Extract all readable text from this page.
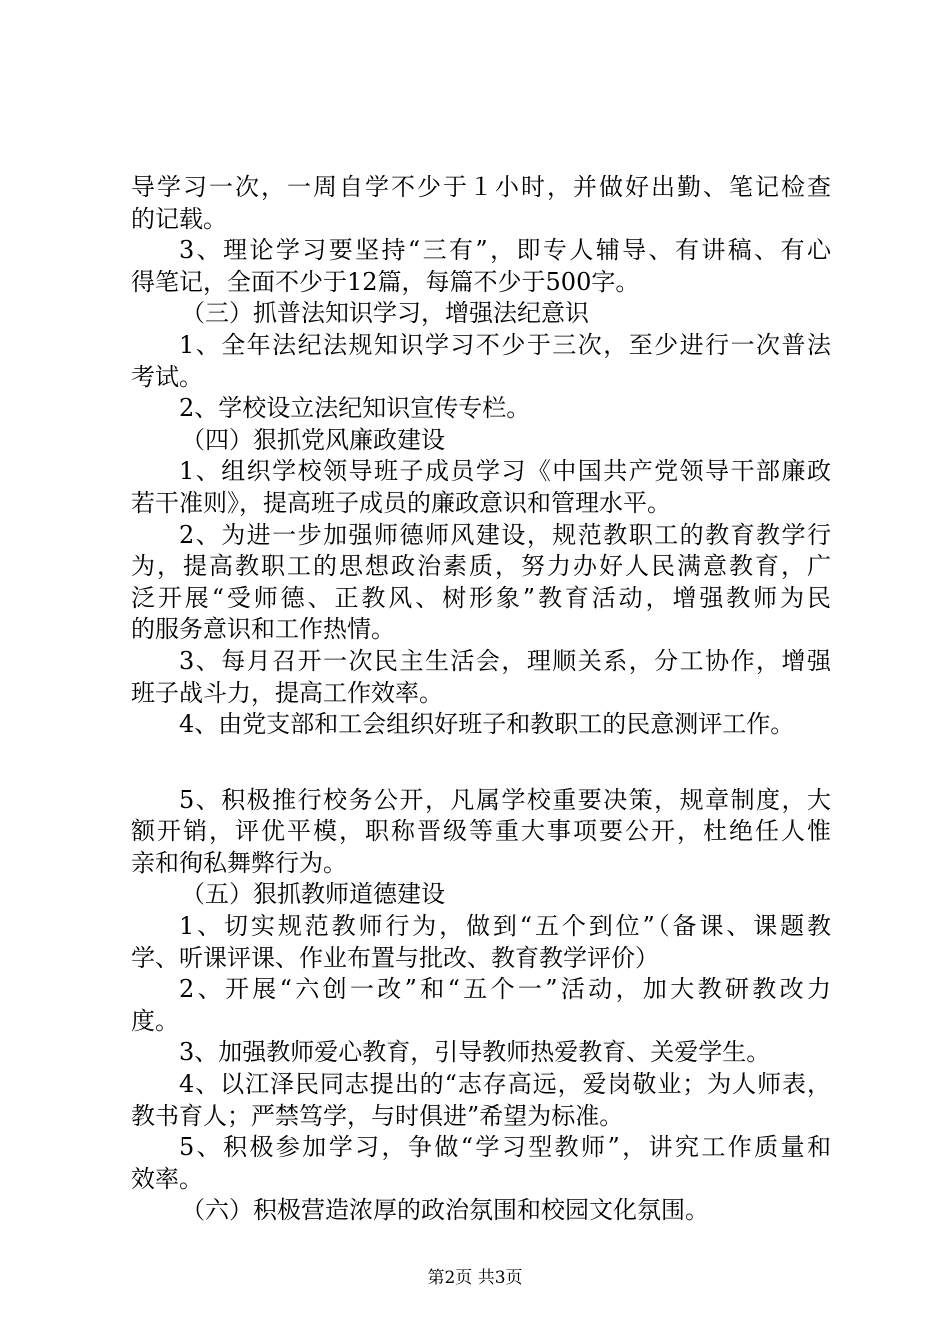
导学习一次，一周自学不少于１小时，并做好出勤、笔记检查
的记载。
3、理论学习要坚持“三有”，即专人辅导、有讲稿、有心
得笔记，全面不少于12篇，每篇不少于500字。
（三）抓普法知识学习，增强法纪意识
1、全年法纪法规知识学习不少于三次，至少进行一次普法
考试。
2、学校设立法纪知识宣传专栏。
（四）狠抓党风廉政建设
1、组织学校领导班子成员学习《中国共产党领导干部廉政
若干准则》，提高班子成员的廉政意识和管理水平。
2、为进一步加强师德师风建设，规范教职工的教育教学行
为，提高教职工的思想政治素质，努力办好人民满意教育，广
泛开展“受师德、正教风、树形象”教育活动，增强教师为民
的服务意识和工作热情。
3、每月召开一次民主生活会，理顺关系，分工协作，增强
班子战斗力，提高工作效率。
4、由党支部和工会组织好班子和教职工的民意测评工作。
5、积极推行校务公开，凡属学校重要决策，规章制度，大
额开销，评优平模，职称晋级等重大事项要公开，杜绝任人惟
亲和徇私舞弊行为。
（五）狠抓教师道德建设
1、切实规范教师行为，做到“五个到位”（备课、课题教
学、听课评课、作业布置与批改、教育教学评价）
2、开展“六创一改”和“五个一”活动，加大教研教改力
度。
3、加强教师爱心教育，引导教师热爱教育、关爱学生。
4、以江泽民同志提出的“志存高远，爱岗敬业；为人师表，
教书育人；严禁笃学，与时俱进”希望为标准。
5、积极参加学习，争做“学习型教师”，讲究工作质量和
效率。
（六）积极营造浓厚的政治氛围和校园文化氛围。
第2页 共3页
